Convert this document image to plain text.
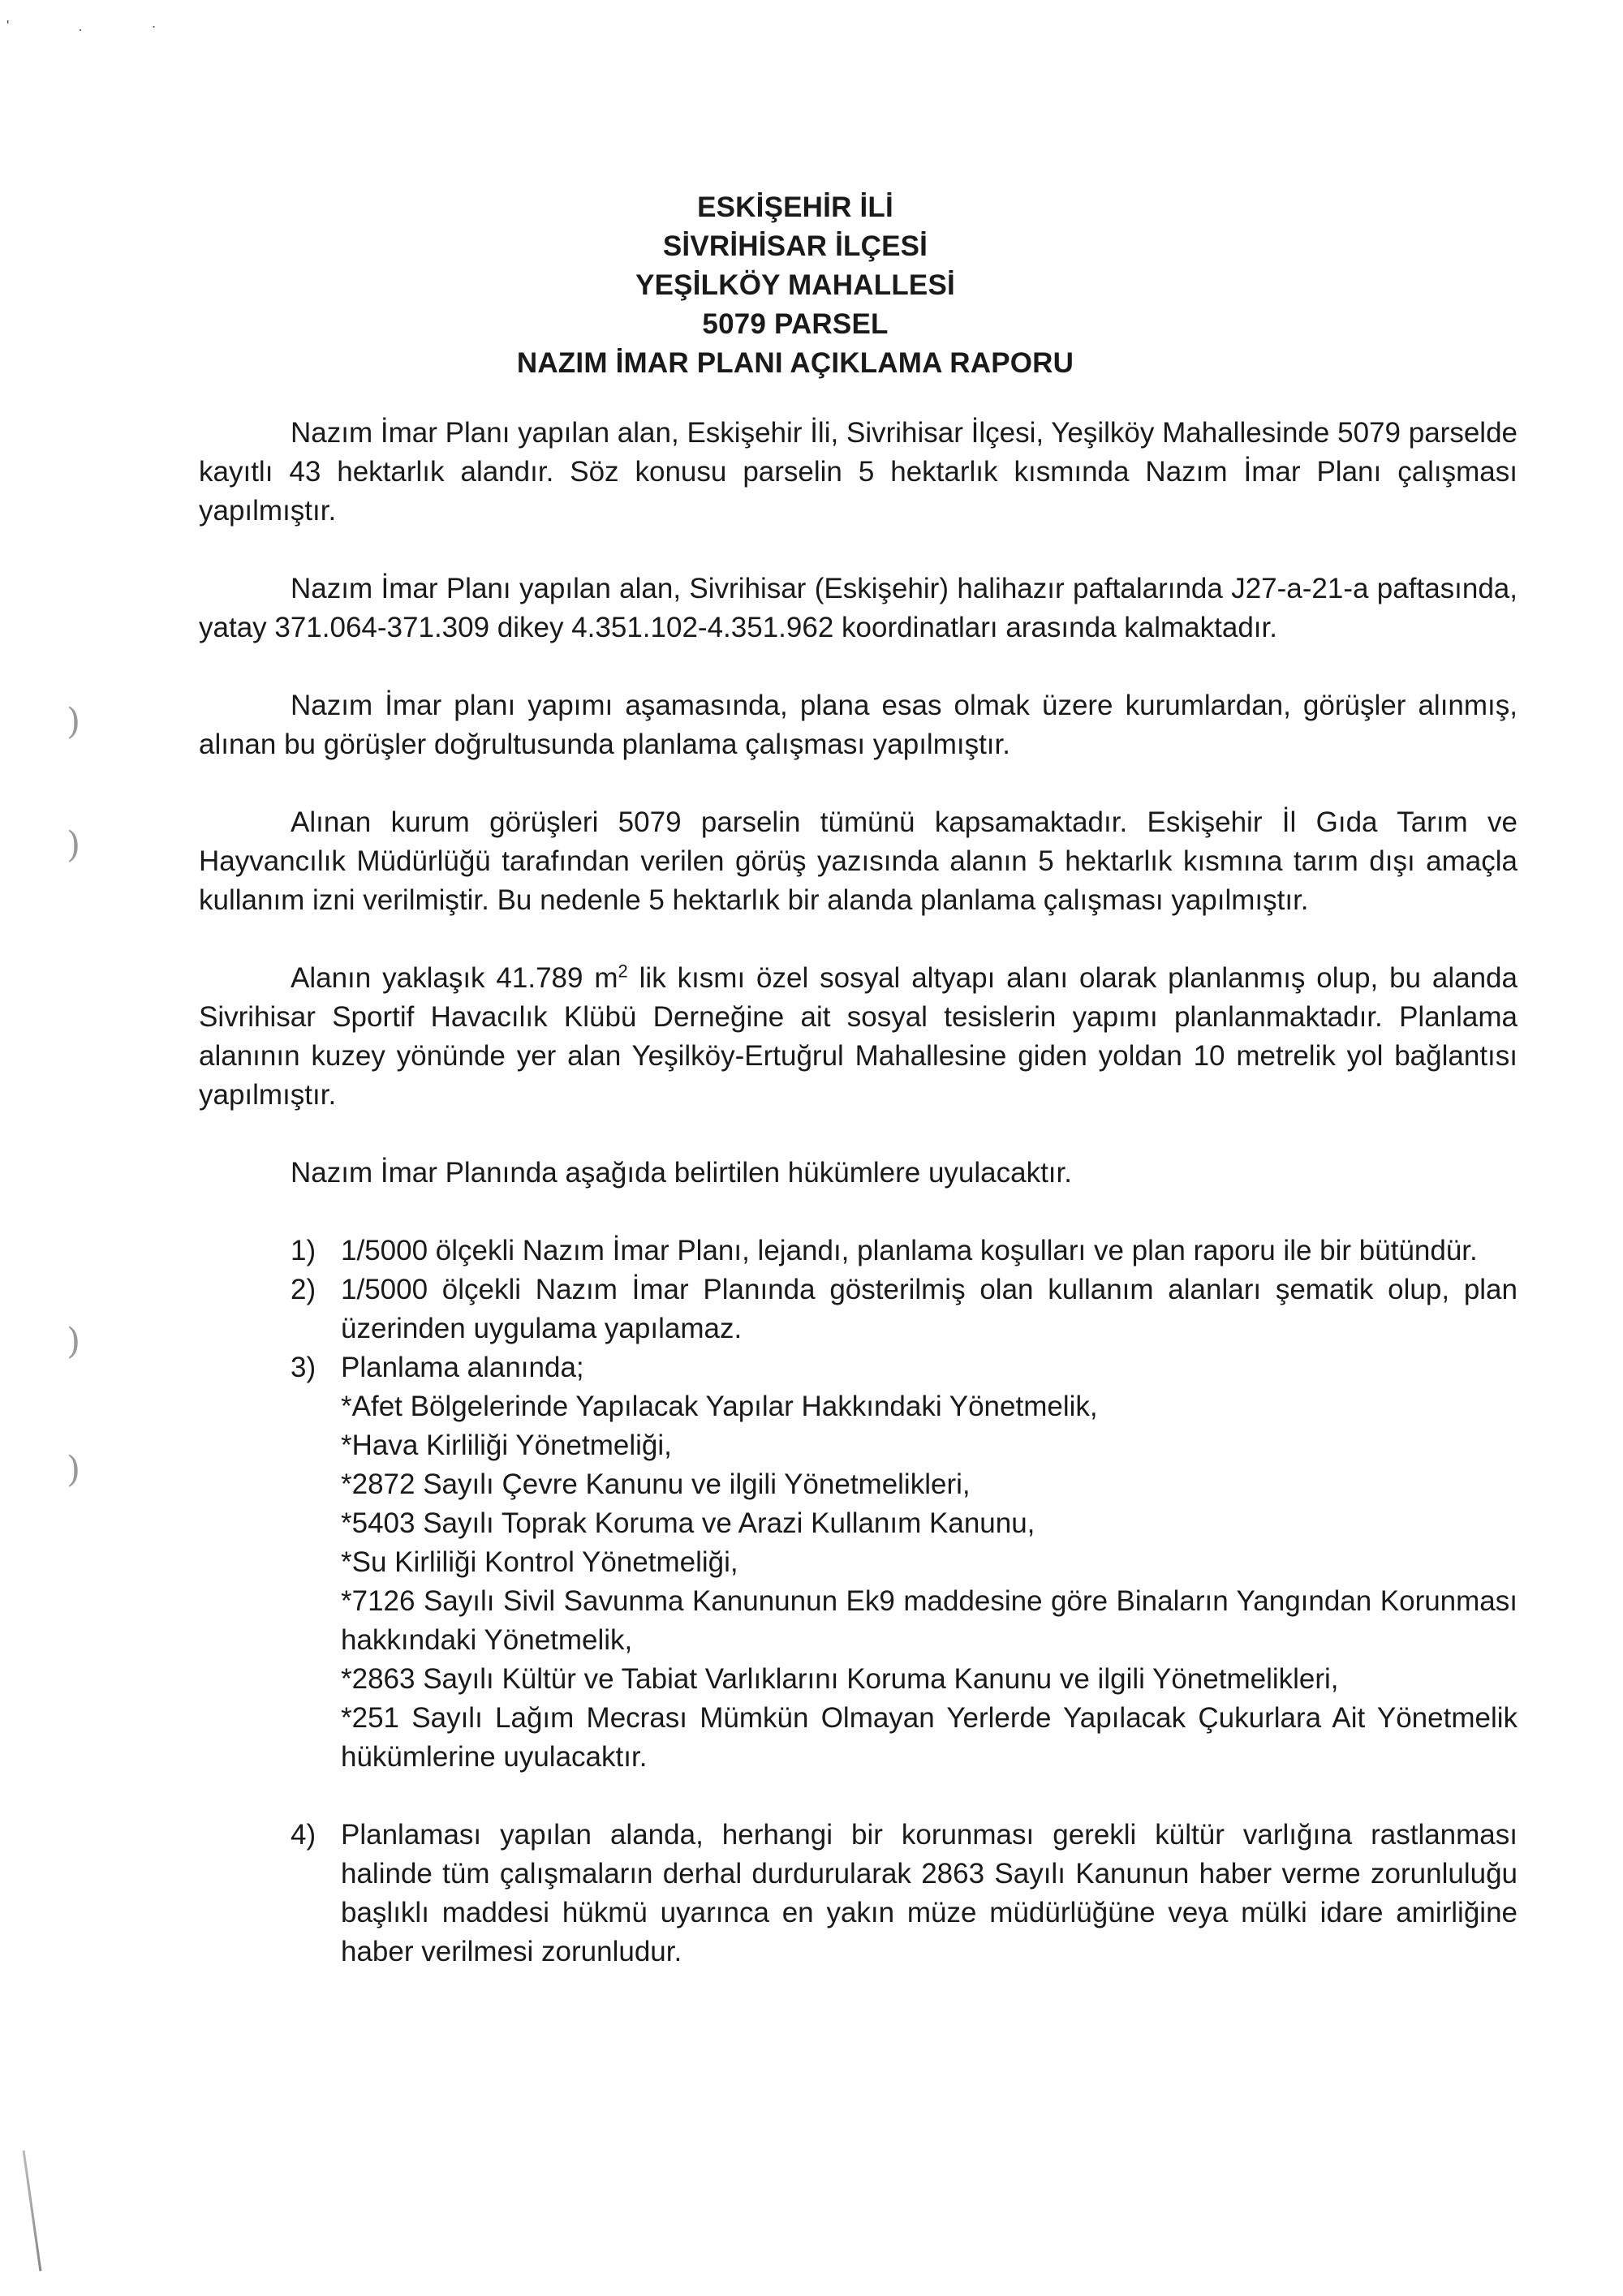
' . ·
)
)
)
)
ESKİŞEHİR İLİ
SİVRİHİSAR İLÇESİ
YEŞİLKÖY MAHALLESİ
5079 PARSEL
NAZIM İMAR PLANI AÇIKLAMA RAPORU

Nazım İmar Planı yapılan alan, Eskişehir İli, Sivrihisar İlçesi, Yeşilköy Mahallesinde 5079 parselde kayıtlı 43 hektarlık alandır. Söz konusu parselin 5 hektarlık kısmında Nazım İmar Planı çalışması yapılmıştır.

Nazım İmar Planı yapılan alan, Sivrihisar (Eskişehir) halihazır paftalarında J27-a-21-a paftasında, yatay 371.064-371.309 dikey 4.351.102-4.351.962 koordinatları arasında kalmaktadır.

Nazım İmar planı yapımı aşamasında, plana esas olmak üzere kurumlardan, görüşler alınmış, alınan bu görüşler doğrultusunda planlama çalışması yapılmıştır.

Alınan kurum görüşleri 5079 parselin tümünü kapsamaktadır. Eskişehir İl Gıda Tarım ve Hayvancılık Müdürlüğü tarafından verilen görüş yazısında alanın 5 hektarlık kısmına tarım dışı amaçla kullanım izni verilmiştir. Bu nedenle 5 hektarlık bir alanda planlama çalışması yapılmıştır.

Alanın yaklaşık 41.789 $m^2$ lik kısmı özel sosyal altyapı alanı olarak planlanmış olup, bu alanda Sivrihisar Sportif Havacılık Klübü Derneğine ait sosyal tesislerin yapımı planlanmaktadır. Planlama alanının kuzey yönünde yer alan Yeşilköy-Ertuğrul Mahallesine giden yoldan 10 metrelik yol bağlantısı yapılmıştır.

Nazım İmar Planında aşağıda belirtilen hükümlere uyulacaktır.

1) 1/5000 ölçekli Nazım İmar Planı, lejandı, planlama koşulları ve plan raporu ile bir bütündür.
2) 1/5000 ölçekli Nazım İmar Planında gösterilmiş olan kullanım alanları şematik olup, plan üzerinden uygulama yapılamaz.
3) Planlama alanında;
*Afet Bölgelerinde Yapılacak Yapılar Hakkındaki Yönetmelik,
*Hava Kirliliği Yönetmeliği,
*2872 Sayılı Çevre Kanunu ve ilgili Yönetmelikleri,
*5403 Sayılı Toprak Koruma ve Arazi Kullanım Kanunu,
*Su Kirliliği Kontrol Yönetmeliği,
*7126 Sayılı Sivil Savunma Kanununun Ek9 maddesine göre Binaların Yangından Korunması hakkındaki Yönetmelik,
*2863 Sayılı Kültür ve Tabiat Varlıklarını Koruma Kanunu ve ilgili Yönetmelikleri,
*251 Sayılı Lağım Mecrası Mümkün Olmayan Yerlerde Yapılacak Çukurlara Ait Yönetmelik hükümlerine uyulacaktır.
4) Planlaması yapılan alanda, herhangi bir korunması gerekli kültür varlığına rastlanması halinde tüm çalışmaların derhal durdurularak 2863 Sayılı Kanunun haber verme zorunluluğu başlıklı maddesi hükmü uyarınca en yakın müze müdürlüğüne veya mülki idare amirliğine haber verilmesi zorunludur.
